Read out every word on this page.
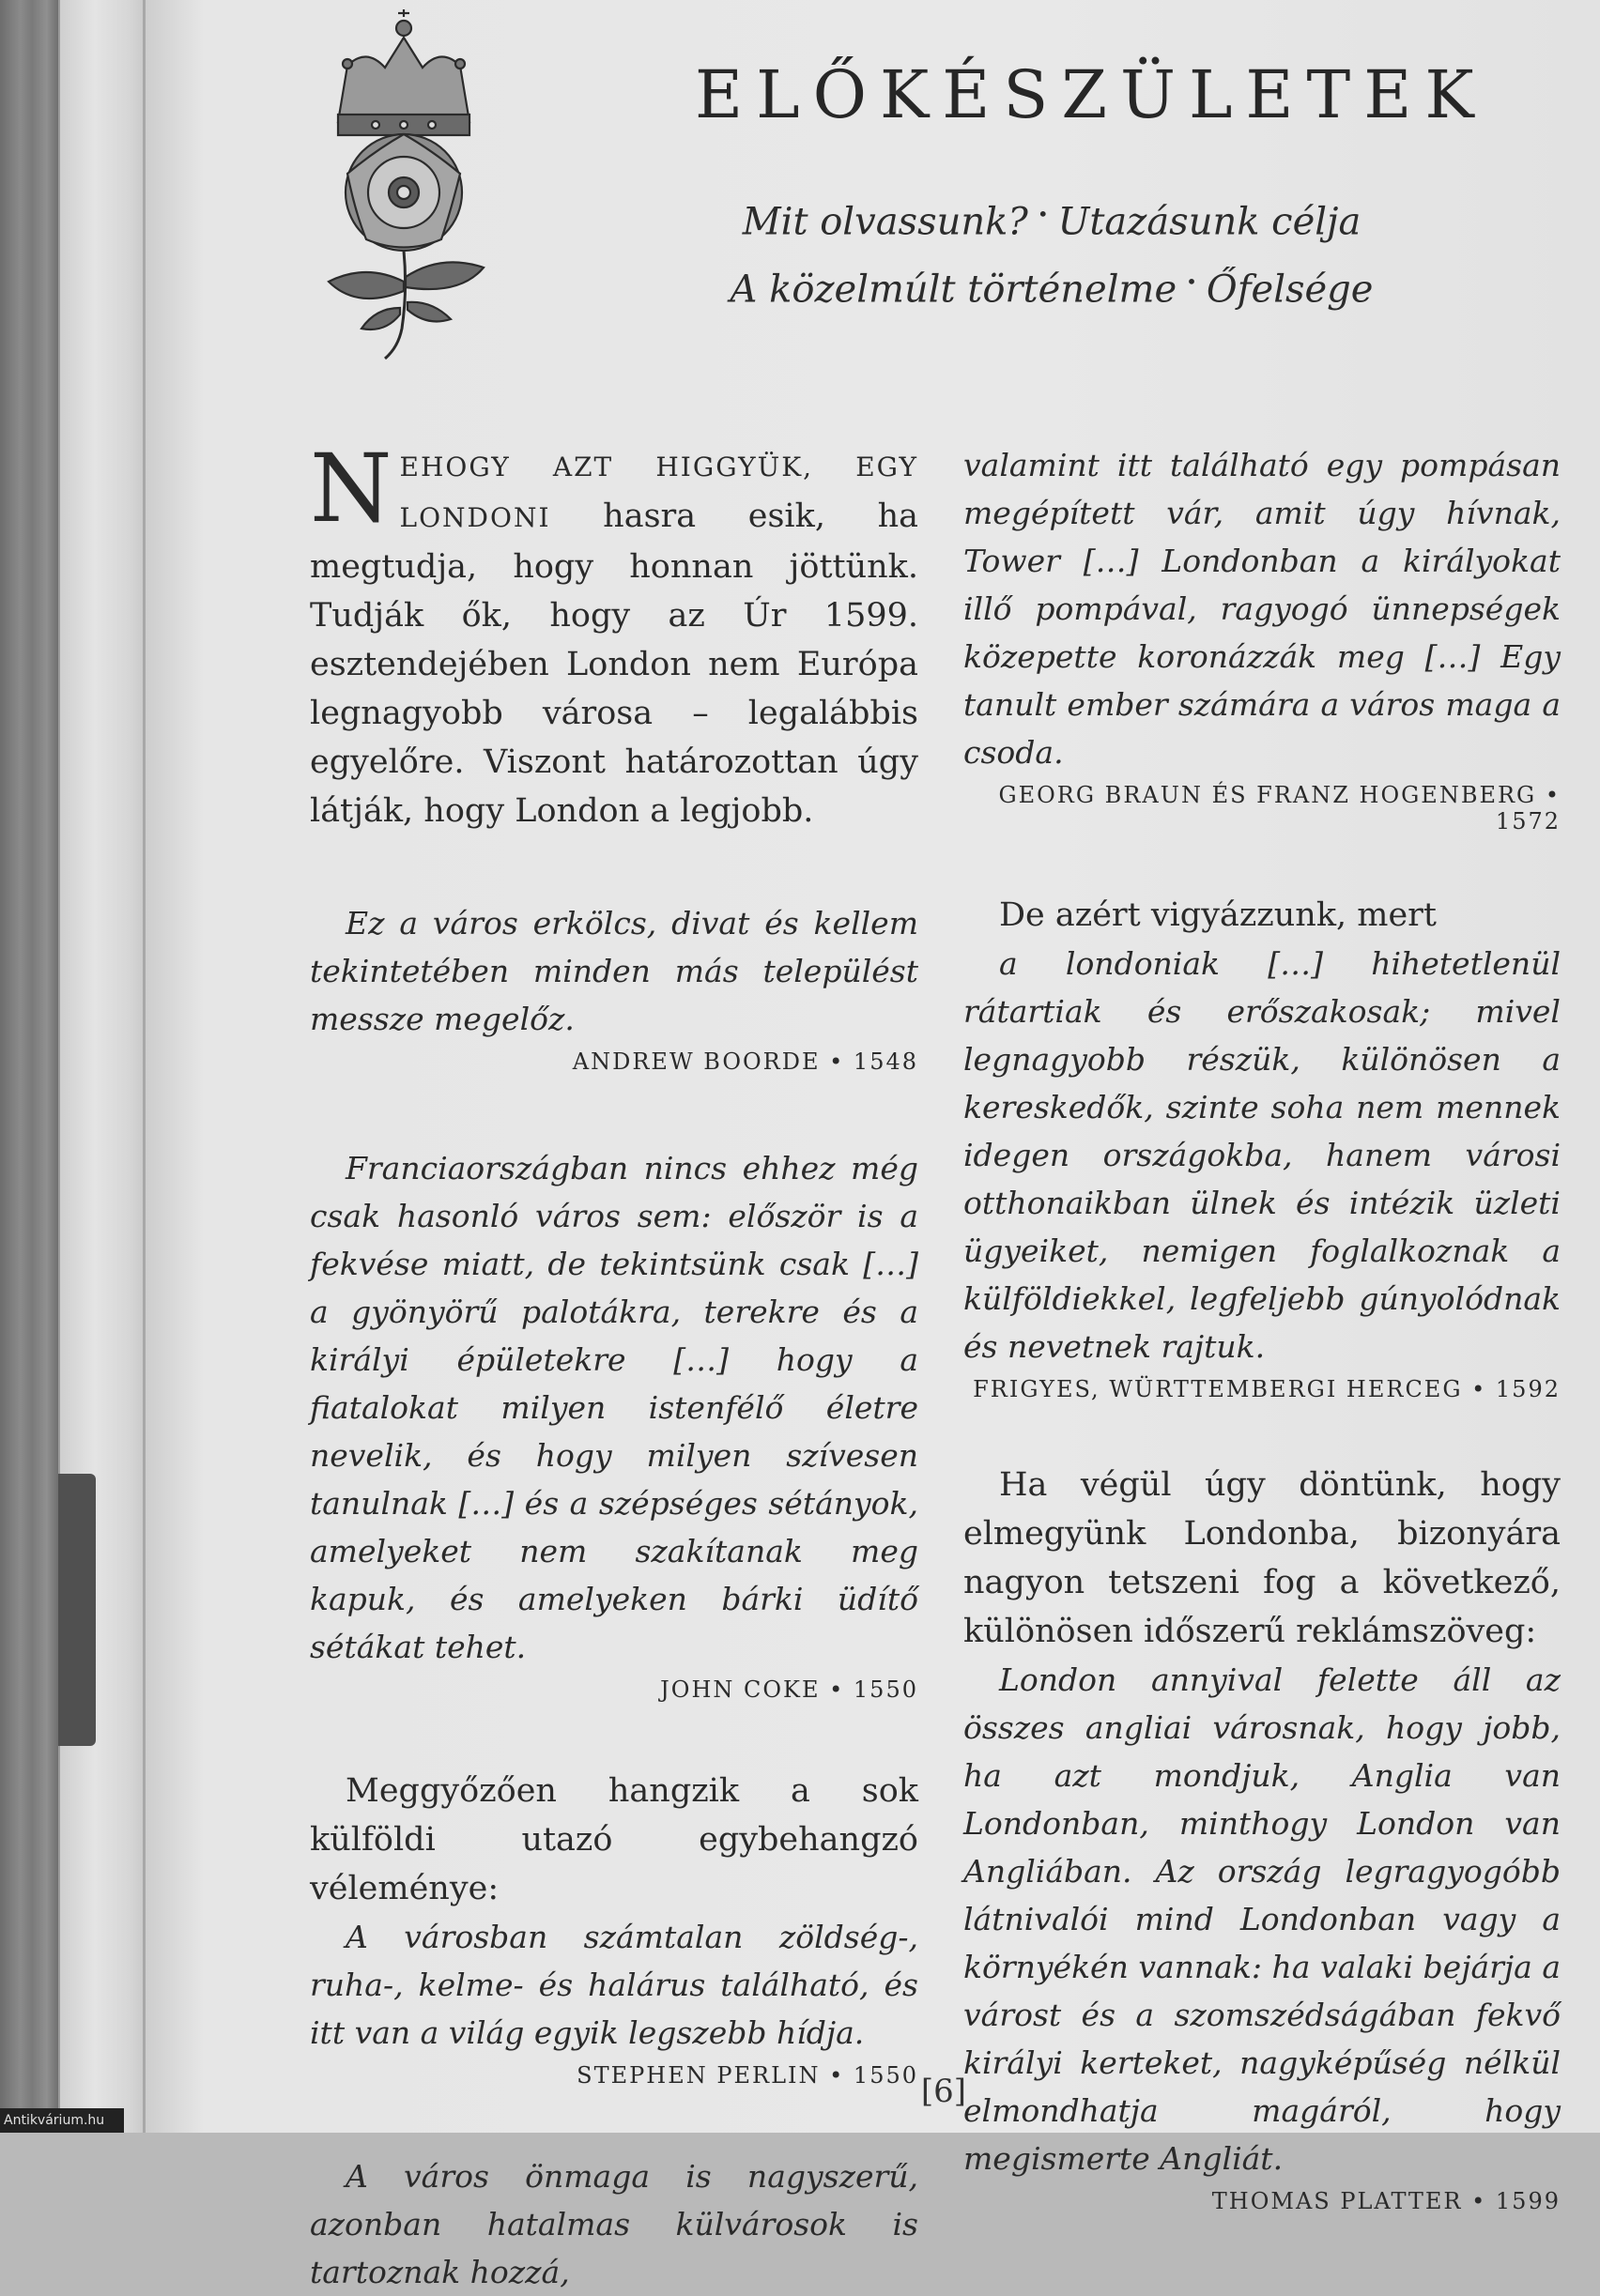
ELŐKÉSZÜLETEK
Mit olvassunk? • Utazásunk célja
A közelmúlt történelme • Őfelsége

NEHOGY AZT HIGGYÜK, EGY LONDONI hasra esik, ha megtudja, hogy honnan jöttünk. Tudják ők, hogy az Úr 1599. esztendejében London nem Európa legnagyobb városa – legalábbis egyelőre. Viszont határozottan úgy látják, hogy London a legjobb.

Ez a város erkölcs, divat és kellem tekintetében minden más települést messze megelőz.

ANDREW BOORDE • 1548

Franciaországban nincs ehhez még csak hasonló város sem: először is a fekvése miatt, de tekintsünk csak […] a gyönyörű palotákra, terekre és a királyi épületekre […] hogy a fiatalokat milyen istenfélő életre nevelik, és hogy milyen szívesen tanulnak […] és a szépséges sétányok, amelyeket nem szakítanak meg kapuk, és amelyeken bárki üdítő sétákat tehet.

JOHN COKE • 1550

Meggyőzően hangzik a sok külföldi utazó egybehangzó véleménye:

A városban számtalan zöldség-, ruha-, kelme- és halárus található, és itt van a világ egyik legszebb hídja.

STEPHEN PERLIN • 1550

A város önmaga is nagyszerű, azonban hatalmas külvárosok is tartoznak hozzá,

valamint itt található egy pompásan megépített vár, amit úgy hívnak, Tower […] Londonban a királyokat illő pompával, ragyogó ünnepségek közepette koronázzák meg […] Egy tanult ember számára a város maga a csoda.

GEORG BRAUN ÉS FRANZ HOGENBERG • 1572

De azért vigyázzunk, mert

a londoniak […] hihetetlenül rátartiak és erőszakosak; mivel legnagyobb részük, különösen a kereskedők, szinte soha nem mennek idegen országokba, hanem városi otthonaikban ülnek és intézik üzleti ügyeiket, nemigen foglalkoznak a külföldiekkel, legfeljebb gúnyolódnak és nevetnek rajtuk.

FRIGYES, WÜRTTEMBERGI HERCEG • 1592

Ha végül úgy döntünk, hogy elmegyünk Londonba, bizonyára nagyon tetszeni fog a következő, különösen időszerű reklámszöveg:

London annyival felette áll az összes angliai városnak, hogy jobb, ha azt mondjuk, Anglia van Londonban, minthogy London van Angliában. Az ország legragyogóbb látnivalói mind Londonban vagy a környékén vannak: ha valaki bejárja a várost és a szomszédságában fekvő királyi kerteket, nagyképűség nélkül elmondhatja magáról, hogy megismerte Angliát.

THOMAS PLATTER • 1599

[6]
Antikvárium.hu
